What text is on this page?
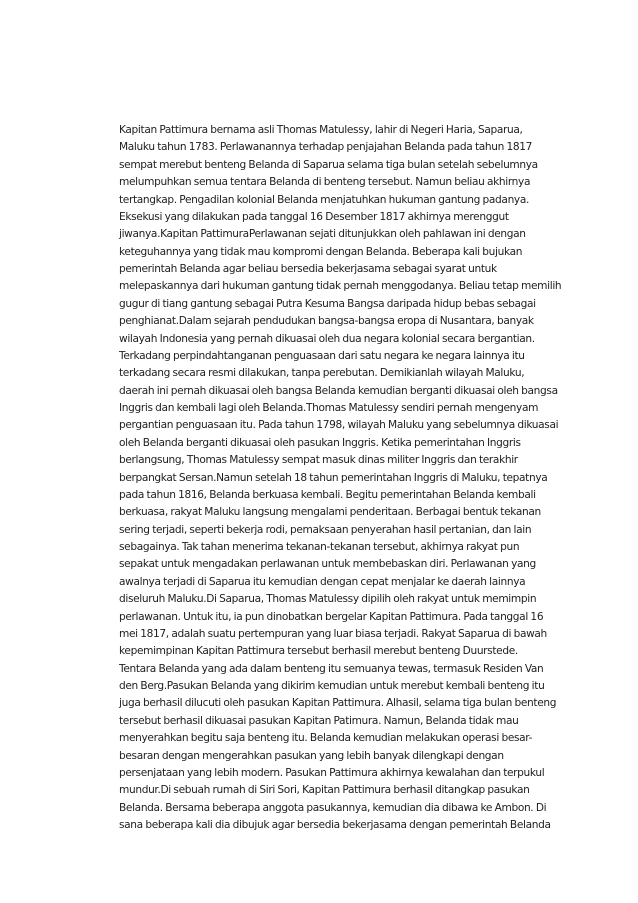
Kapitan Pattimura bernama asli Thomas Matulessy, lahir di Negeri Haria, Saparua,
Maluku tahun 1783. Perlawanannya terhadap penjajahan Belanda pada tahun 1817
sempat merebut benteng Belanda di Saparua selama tiga bulan setelah sebelumnya
melumpuhkan semua tentara Belanda di benteng tersebut. Namun beliau akhirnya
tertangkap. Pengadilan kolonial Belanda menjatuhkan hukuman gantung padanya.
Eksekusi yang dilakukan pada tanggal 16 Desember 1817 akhirnya merenggut
jiwanya.Kapitan PattimuraPerlawanan sejati ditunjukkan oleh pahlawan ini dengan
keteguhannya yang tidak mau kompromi dengan Belanda. Beberapa kali bujukan
pemerintah Belanda agar beliau bersedia bekerjasama sebagai syarat untuk
melepaskannya dari hukuman gantung tidak pernah menggodanya. Beliau tetap memilih
gugur di tiang gantung sebagai Putra Kesuma Bangsa daripada hidup bebas sebagai
penghianat.Dalam sejarah pendudukan bangsa-bangsa eropa di Nusantara, banyak
wilayah Indonesia yang pernah dikuasai oleh dua negara kolonial secara bergantian.
Terkadang perpindahtanganan penguasaan dari satu negara ke negara lainnya itu
terkadang secara resmi dilakukan, tanpa perebutan. Demikianlah wilayah Maluku,
daerah ini pernah dikuasai oleh bangsa Belanda kemudian berganti dikuasai oleh bangsa
Inggris dan kembali lagi oleh Belanda.Thomas Matulessy sendiri pernah mengenyam
pergantian penguasaan itu. Pada tahun 1798, wilayah Maluku yang sebelumnya dikuasai
oleh Belanda berganti dikuasai oleh pasukan Inggris. Ketika pemerintahan Inggris
berlangsung, Thomas Matulessy sempat masuk dinas militer Inggris dan terakhir
berpangkat Sersan.Namun setelah 18 tahun pemerintahan Inggris di Maluku, tepatnya
pada tahun 1816, Belanda berkuasa kembali. Begitu pemerintahan Belanda kembali
berkuasa, rakyat Maluku langsung mengalami penderitaan. Berbagai bentuk tekanan
sering terjadi, seperti bekerja rodi, pemaksaan penyerahan hasil pertanian, dan lain
sebagainya. Tak tahan menerima tekanan-tekanan tersebut, akhirnya rakyat pun
sepakat untuk mengadakan perlawanan untuk membebaskan diri. Perlawanan yang
awalnya terjadi di Saparua itu kemudian dengan cepat menjalar ke daerah lainnya
diseluruh Maluku.Di Saparua, Thomas Matulessy dipilih oleh rakyat untuk memimpin
perlawanan. Untuk itu, ia pun dinobatkan bergelar Kapitan Pattimura. Pada tanggal 16
mei 1817, adalah suatu pertempuran yang luar biasa terjadi. Rakyat Saparua di bawah
kepemimpinan Kapitan Pattimura tersebut berhasil merebut benteng Duurstede.
Tentara Belanda yang ada dalam benteng itu semuanya tewas, termasuk Residen Van
den Berg.Pasukan Belanda yang dikirim kemudian untuk merebut kembali benteng itu
juga berhasil dilucuti oleh pasukan Kapitan Pattimura. Alhasil, selama tiga bulan benteng
tersebut berhasil dikuasai pasukan Kapitan Patimura. Namun, Belanda tidak mau
menyerahkan begitu saja benteng itu. Belanda kemudian melakukan operasi besar-
besaran dengan mengerahkan pasukan yang lebih banyak dilengkapi dengan
persenjataan yang lebih modern. Pasukan Pattimura akhirnya kewalahan dan terpukul
mundur.Di sebuah rumah di Siri Sori, Kapitan Pattimura berhasil ditangkap pasukan
Belanda. Bersama beberapa anggota pasukannya, kemudian dia dibawa ke Ambon. Di
sana beberapa kali dia dibujuk agar bersedia bekerjasama dengan pemerintah Belanda
